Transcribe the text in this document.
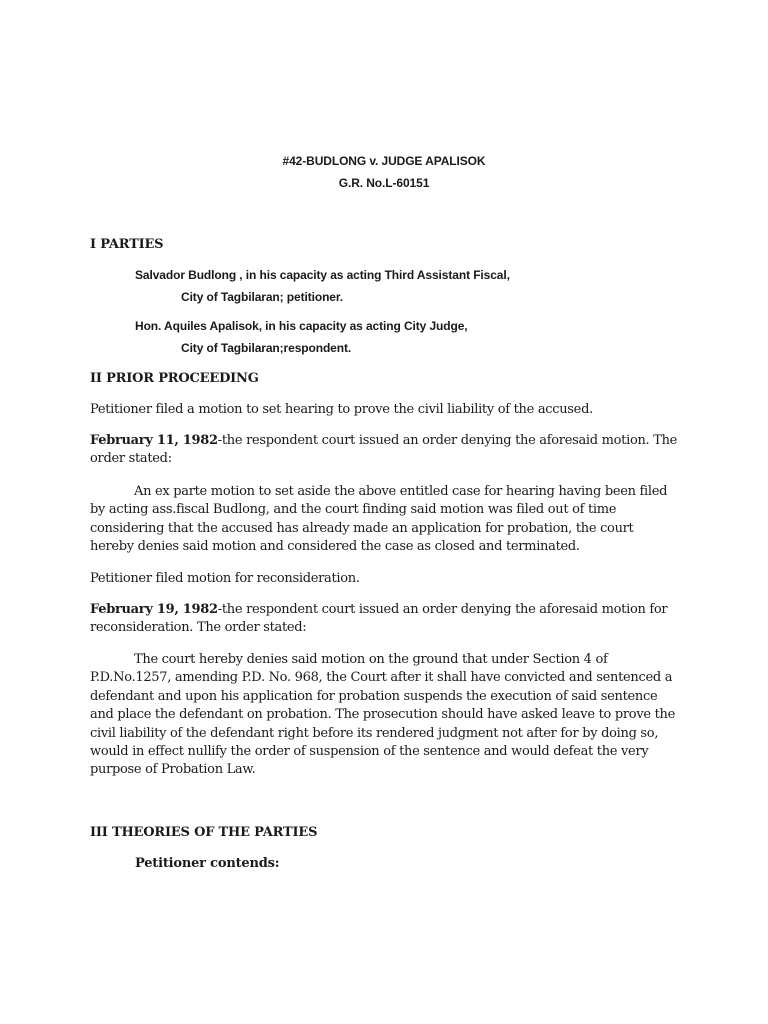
#42-BUDLONG v. JUDGE APALISOK
G.R. No.L-60151
I PARTIES
Salvador Budlong , in his capacity as acting Third Assistant Fiscal,
City of Tagbilaran; petitioner.
Hon. Aquiles Apalisok, in his capacity as acting City Judge,
City of Tagbilaran;respondent.
II PRIOR PROCEEDING

Petitioner filed a motion to set hearing to prove the civil liability of the accused.

February 11, 1982-the respondent court issued an order denying the aforesaid motion. The order stated:

An ex parte motion to set aside the above entitled case for hearing having been filed by acting ass.fiscal Budlong, and the court finding said motion was filed out of time considering that the accused has already made an application for probation, the court hereby denies said motion and considered the case as closed and terminated.

Petitioner filed motion for reconsideration.

February 19, 1982-the respondent court issued an order denying the aforesaid motion for reconsideration. The order stated:

The court hereby denies said motion on the ground that under Section 4 of P.D.No.1257, amending P.D. No. 968, the Court after it shall have convicted and sentenced a defendant and upon his application for probation suspends the execution of said sentence and place the defendant on probation. The prosecution should have asked leave to prove the civil liability of the defendant right before its rendered judgment not after for by doing so, would in effect nullify the order of suspension of the sentence and would defeat the very purpose of Probation Law.

III THEORIES OF THE PARTIES
Petitioner contends:
